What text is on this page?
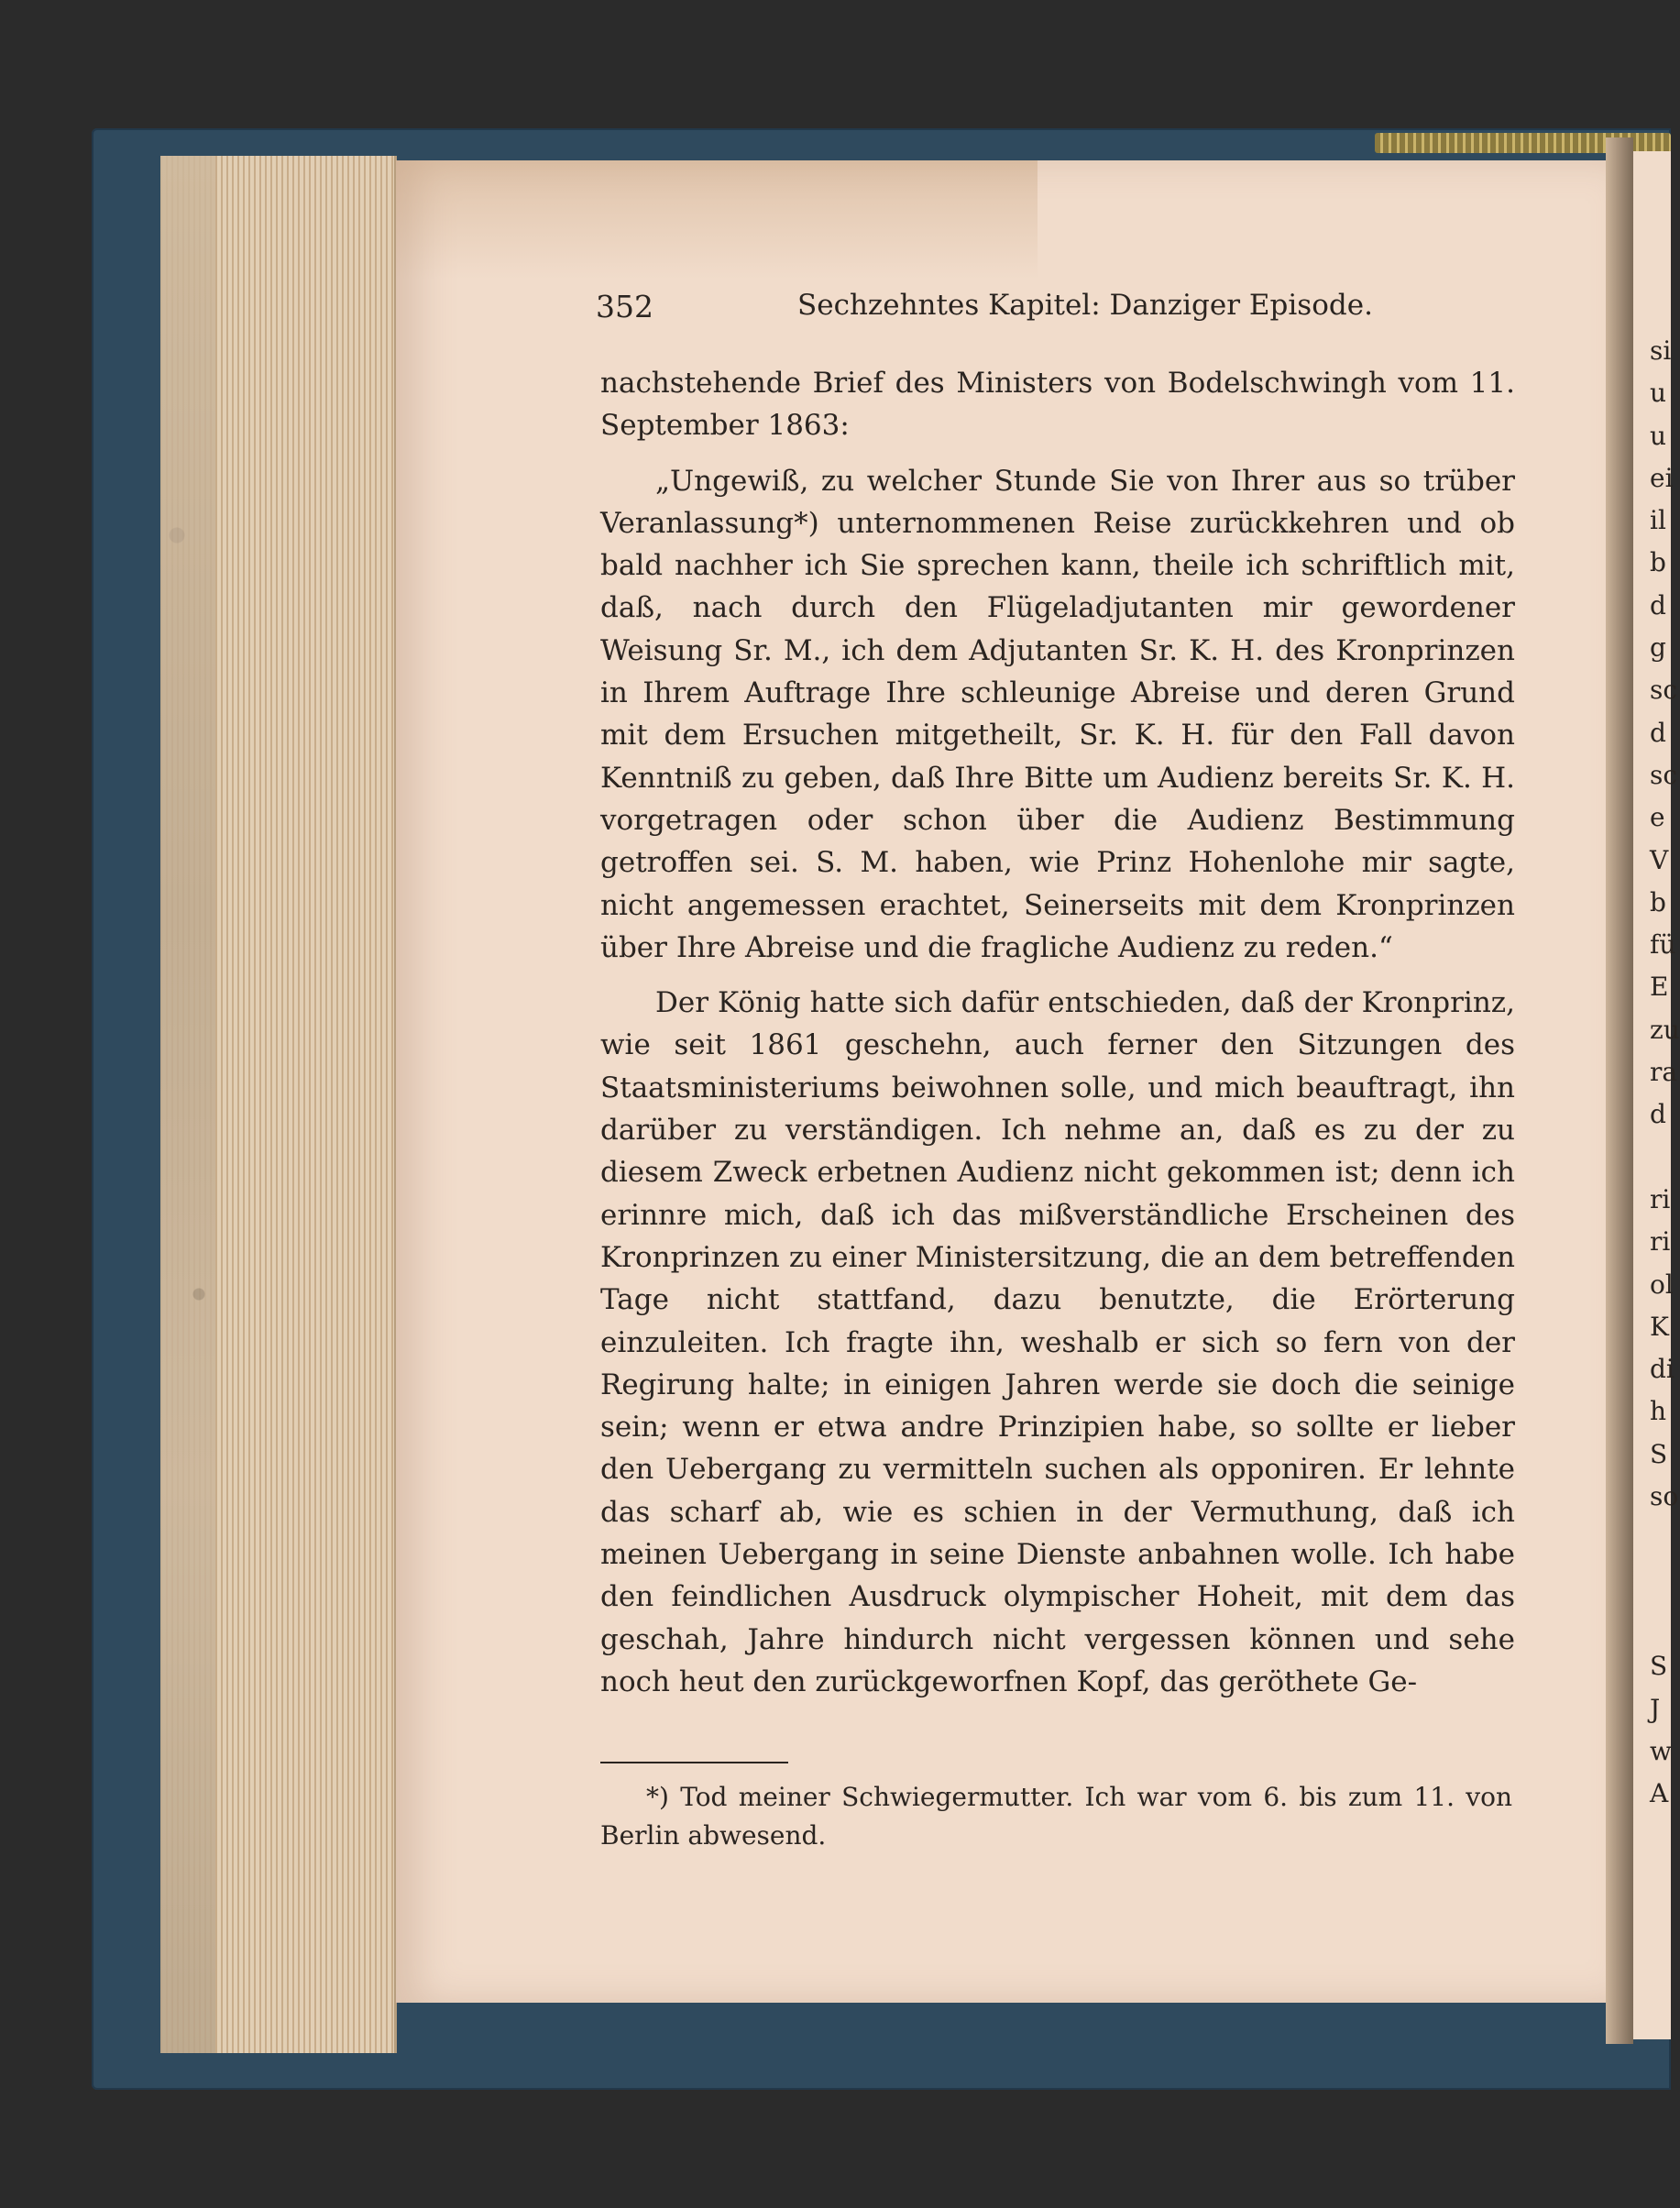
352	Sechzehntes Kapitel: Danziger Episode.

nachstehende Brief des Ministers von Bodelschwingh vom 11. September 1863:

„Ungewiß, zu welcher Stunde Sie von Ihrer aus so trüber Veranlassung*) unternommenen Reise zurückkehren und ob bald nachher ich Sie sprechen kann, theile ich schriftlich mit, daß, nach durch den Flügeladjutanten mir gewordener Weisung Sr. M., ich dem Adjutanten Sr. K. H. des Kronprinzen in Ihrem Auftrage Ihre schleunige Abreise und deren Grund mit dem Ersuchen mitgetheilt, Sr. K. H. für den Fall davon Kenntniß zu geben, daß Ihre Bitte um Audienz bereits Sr. K. H. vorgetragen oder schon über die Audienz Bestimmung getroffen sei. S. M. haben, wie Prinz Hohenlohe mir sagte, nicht angemessen erachtet, Seinerseits mit dem Kronprinzen über Ihre Abreise und die fragliche Audienz zu reden.“

Der König hatte sich dafür entschieden, daß der Kronprinz, wie seit 1861 geschehn, auch ferner den Sitzungen des Staatsministeriums beiwohnen solle, und mich beauftragt, ihn darüber zu verständigen. Ich nehme an, daß es zu der zu diesem Zweck erbetnen Audienz nicht gekommen ist; denn ich erinnre mich, daß ich das mißverständliche Erscheinen des Kronprinzen zu einer Ministersitzung, die an dem betreffenden Tage nicht stattfand, dazu benutzte, die Erörterung einzuleiten. Ich fragte ihn, weshalb er sich so fern von der Regirung halte; in einigen Jahren werde sie doch die seinige sein; wenn er etwa andre Prinzipien habe, so sollte er lieber den Uebergang zu vermitteln suchen als opponiren. Er lehnte das scharf ab, wie es schien in der Vermuthung, daß ich meinen Uebergang in seine Dienste anbahnen wolle. Ich habe den feindlichen Ausdruck olympischer Hoheit, mit dem das geschah, Jahre hindurch nicht vergessen können und sehe noch heut den zurückgeworfnen Kopf, das geröthete Ge-

*) Tod meiner Schwiegermutter. Ich war vom 6. bis zum 11. von Berlin abwesend.

si
u
u
ei
il
b
d
g
sc
d
sc
e
V
b
fü
E
zu
ra
d

ri
ri
ol
K
di
h
S
so

S
J
w
A
